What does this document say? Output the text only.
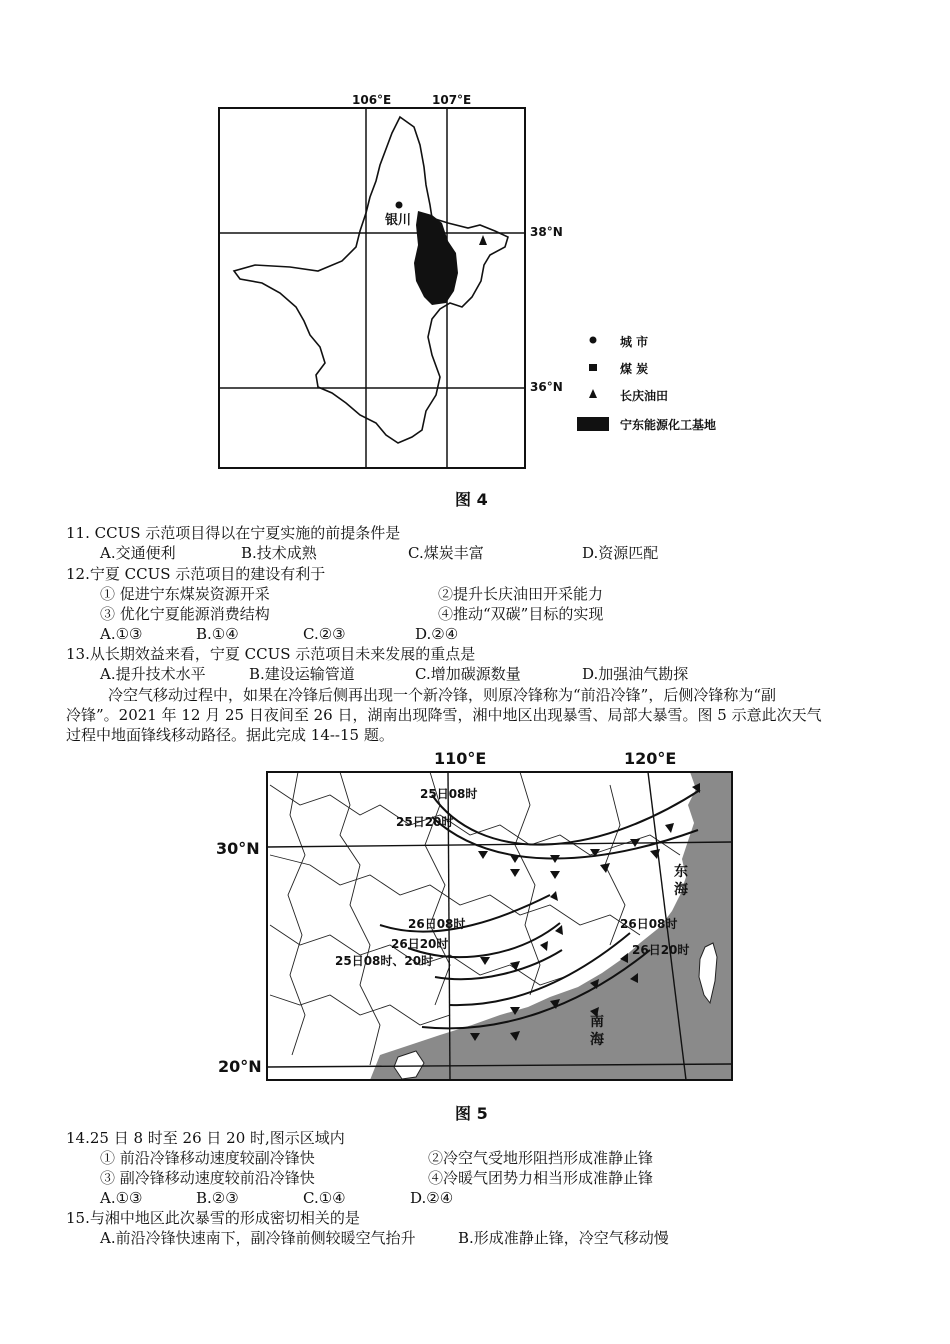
106°E	107°E
38°N
36°N
银川
城 市
煤 炭
长庆油田
宁东能源化工基地
图 4
11. CCUS 示范项目得以在宁夏实施的前提条件是
A.交通便利	B.技术成熟	C.煤炭丰富	D.资源匹配
12.宁夏 CCUS 示范项目的建设有利于
① 促进宁东煤炭资源开采	②提升长庆油田开采能力
③ 优化宁夏能源消费结构	④推动“双碳”目标的实现
A.①③	B.①④	C.②③	D.②④
13.从长期效益来看，宁夏 CCUS 示范项目未来发展的重点是
A.提升技术水平	B.建设运输管道	C.增加碳源数量	D.加强油气勘探
冷空气移动过程中，如果在冷锋后侧再出现一个新冷锋，则原冷锋称为“前沿冷锋”，后侧冷锋称为“副
冷锋”。2021 年 12 月 25 日夜间至 26 日，湖南出现降雪，湘中地区出现暴雪、局部大暴雪。图 5 示意此次天气
过程中地面锋线移动路径。据此完成 14--15 题。
110°E	120°E
30°N
20°N
25日08时
25日20时
26日08时
26日20时
25日08时、20时
26日08时
26日20时
东海
南海
图 5
14.25 日 8 时至 26 日 20 时,图示区域内
① 前沿冷锋移动速度较副冷锋快	②冷空气受地形阻挡形成准静止锋
③ 副冷锋移动速度较前沿冷锋快	④冷暖气团势力相当形成准静止锋
A.①③	B.②③	C.①④	D.②④
15.与湘中地区此次暴雪的形成密切相关的是
A.前沿冷锋快速南下，副冷锋前侧较暖空气抬升	B.形成准静止锋，冷空气移动慢
